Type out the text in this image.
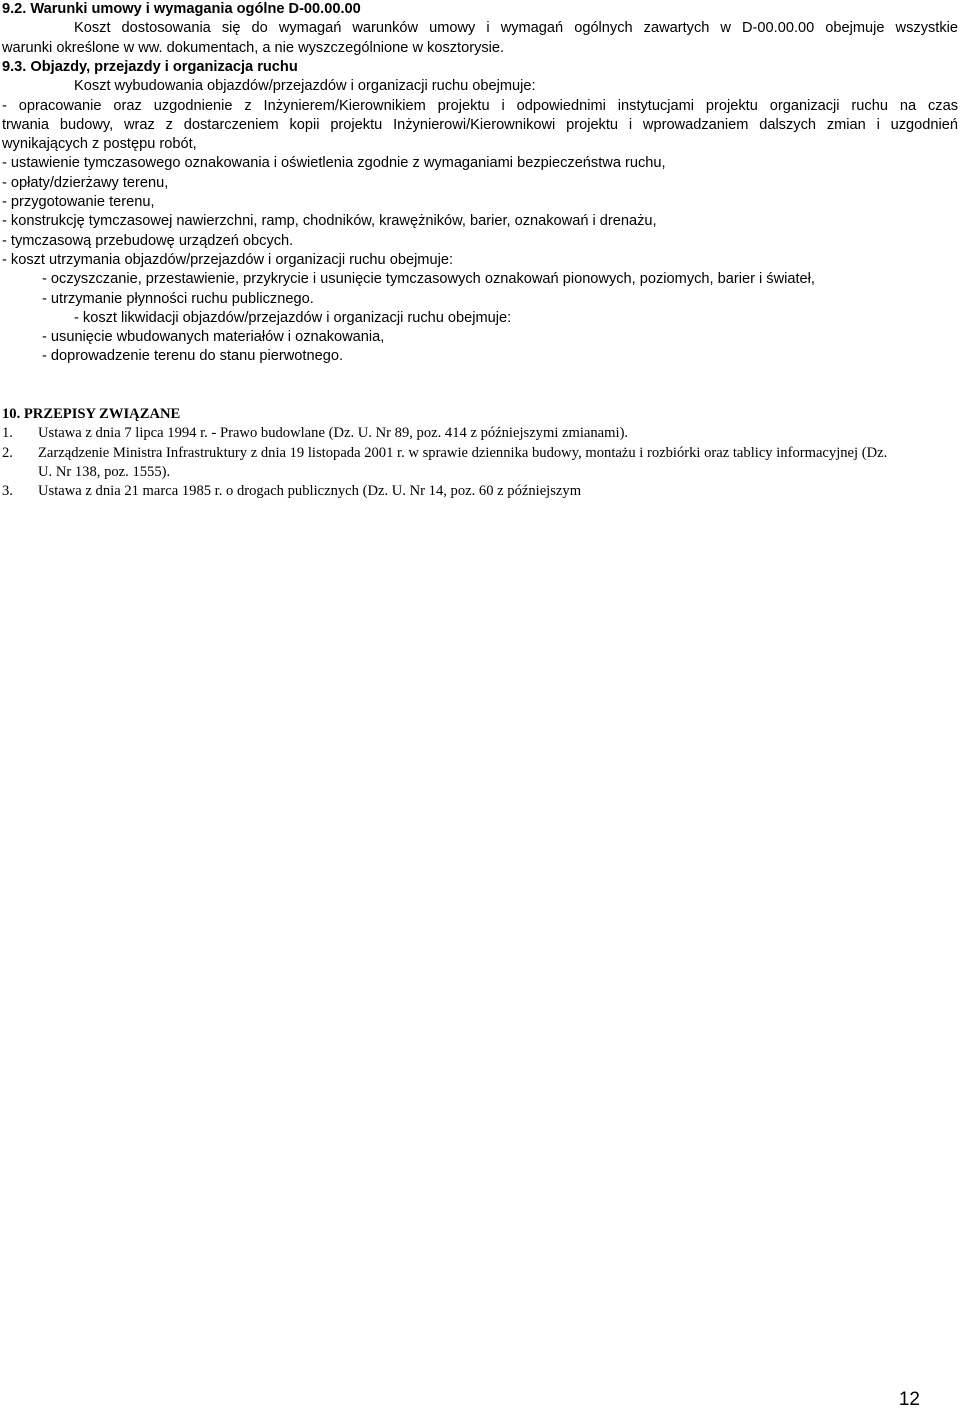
9.2. Warunki umowy i wymagania ogólne D-00.00.00
Koszt dostosowania się do wymagań warunków umowy i wymagań ogólnych zawartych w D-00.00.00 obejmuje wszystkie
warunki określone w ww. dokumentach, a nie wyszczególnione w kosztorysie.
9.3. Objazdy, przejazdy i organizacja ruchu
Koszt wybudowania objazdów/przejazdów i organizacji ruchu obejmuje:
- opracowanie oraz uzgodnienie z Inżynierem/Kierownikiem projektu i odpowiednimi instytucjami projektu organizacji ruchu na czas
trwania budowy, wraz z dostarczeniem kopii projektu Inżynierowi/Kierownikowi projektu i wprowadzaniem dalszych zmian i uzgodnień
wynikających z postępu robót,
- ustawienie tymczasowego oznakowania i oświetlenia zgodnie z wymaganiami bezpieczeństwa ruchu,
- opłaty/dzierżawy terenu,
- przygotowanie terenu,
- konstrukcję tymczasowej nawierzchni, ramp, chodników, krawężników, barier, oznakowań i drenażu,
- tymczasową przebudowę urządzeń obcych.
- koszt utrzymania objazdów/przejazdów i organizacji ruchu obejmuje:
- oczyszczanie, przestawienie, przykrycie i usunięcie tymczasowych oznakowań pionowych, poziomych, barier i świateł,
- utrzymanie płynności ruchu publicznego.
- koszt likwidacji objazdów/przejazdów i organizacji ruchu obejmuje:
- usunięcie wbudowanych materiałów i oznakowania,
- doprowadzenie terenu do stanu pierwotnego.
10. PRZEPISY ZWIĄZANE
1.	Ustawa z dnia 7 lipca 1994 r. - Prawo budowlane (Dz. U. Nr 89, poz. 414 z późniejszymi zmianami).
2.	Zarządzenie Ministra Infrastruktury z dnia 19 listopada 2001 r. w sprawie dziennika budowy, montażu i rozbiórki oraz tablicy informacyjnej (Dz. U. Nr 138, poz. 1555).
3.	Ustawa z dnia 21 marca 1985 r. o drogach publicznych (Dz. U. Nr 14, poz. 60 z późniejszym
12
